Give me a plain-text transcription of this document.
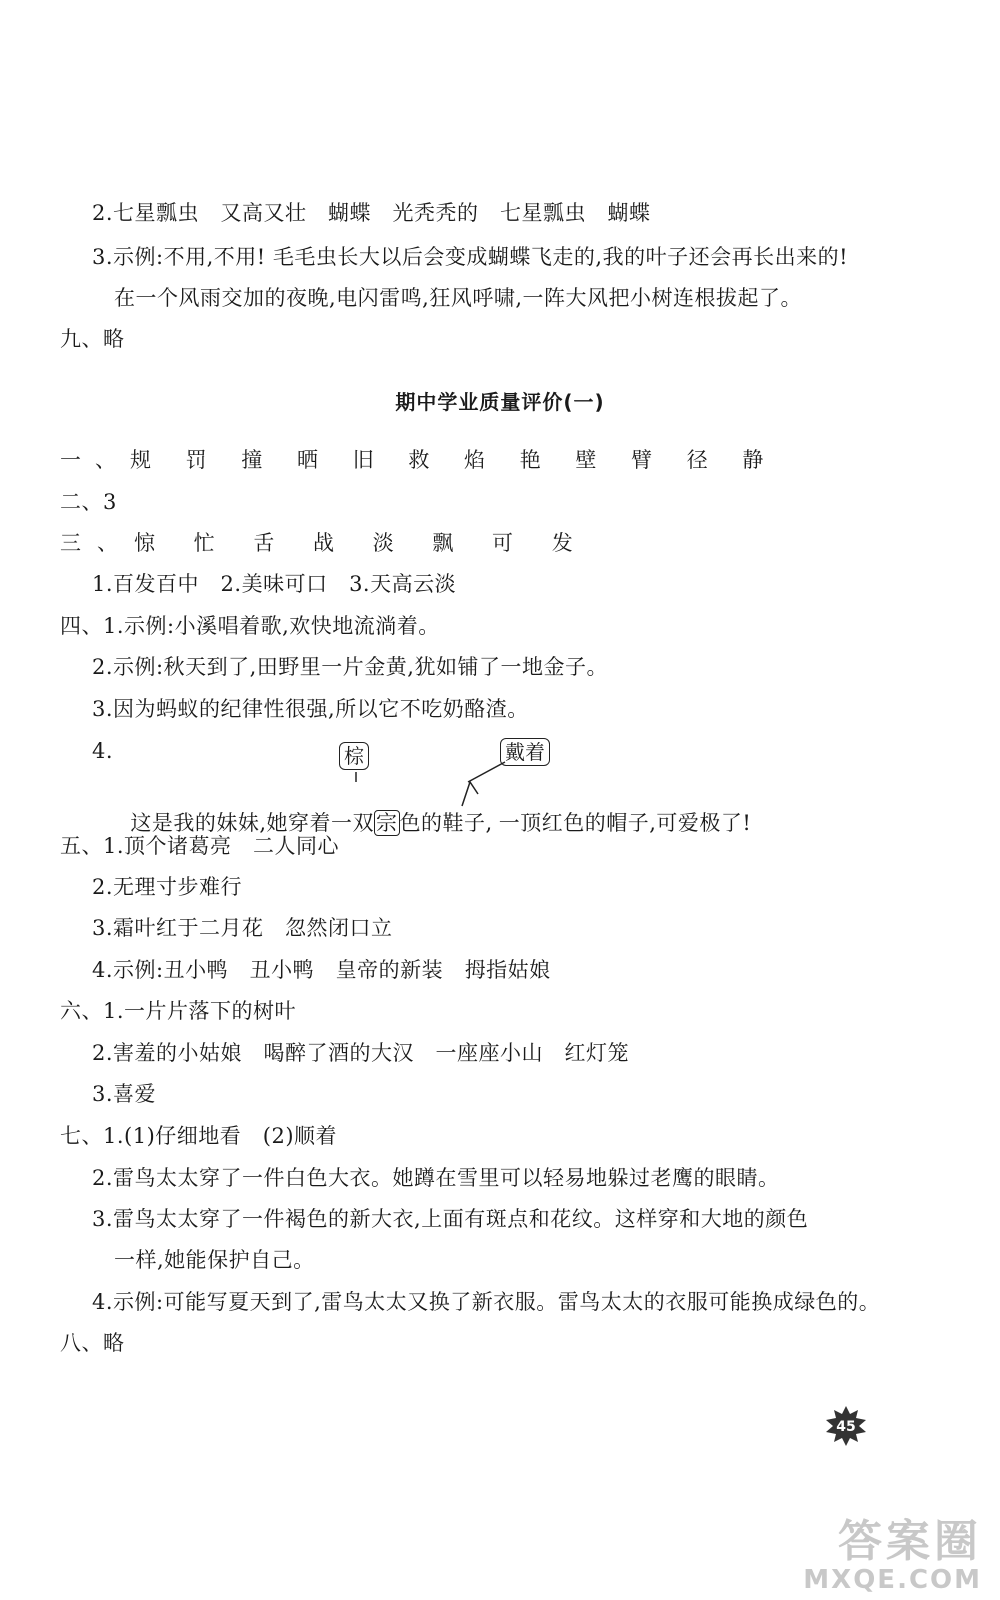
2.七星瓢虫　又高又壮　蝴蝶　光秃秃的　七星瓢虫　蝴蝶
3.示例:不用,不用! 毛毛虫长大以后会变成蝴蝶飞走的,我的叶子还会再长出来的!
在一个风雨交加的夜晚,电闪雷鸣,狂风呼啸,一阵大风把小树连根拔起了。
九、略
期中学业质量评价(一)
一、规 罚 撞 晒 旧 救 焰 艳 壁 臂 径 静
二、3
三、惊 忙 舌 战 淡 飘 可 发
1.百发百中　2.美味可口　3.天高云淡
四、1.示例:小溪唱着歌,欢快地流淌着。
2.示例:秋天到了,田野里一片金黄,犹如铺了一地金子。
3.因为蚂蚁的纪律性很强,所以它不吃奶酪渣。
4.	棕	戴着

这是我的妹妹,她穿着一双宗色的鞋子, 一顶红色的帽子,可爱极了!

五、1.顶个诸葛亮　二人同心
2.无理寸步难行
3.霜叶红于二月花　忽然闭口立
4.示例:丑小鸭　丑小鸭　皇帝的新装　拇指姑娘
六、1.一片片落下的树叶
2.害羞的小姑娘　喝醉了酒的大汉　一座座小山　红灯笼
3.喜爱
七、1.(1)仔细地看　(2)顺着
2.雷鸟太太穿了一件白色大衣。她蹲在雪里可以轻易地躲过老鹰的眼睛。
3.雷鸟太太穿了一件褐色的新大衣,上面有斑点和花纹。这样穿和大地的颜色
一样,她能保护自己。
4.示例:可能写夏天到了,雷鸟太太又换了新衣服。雷鸟太太的衣服可能换成绿色的。
八、略
45
答案圈
MXQE.COM
